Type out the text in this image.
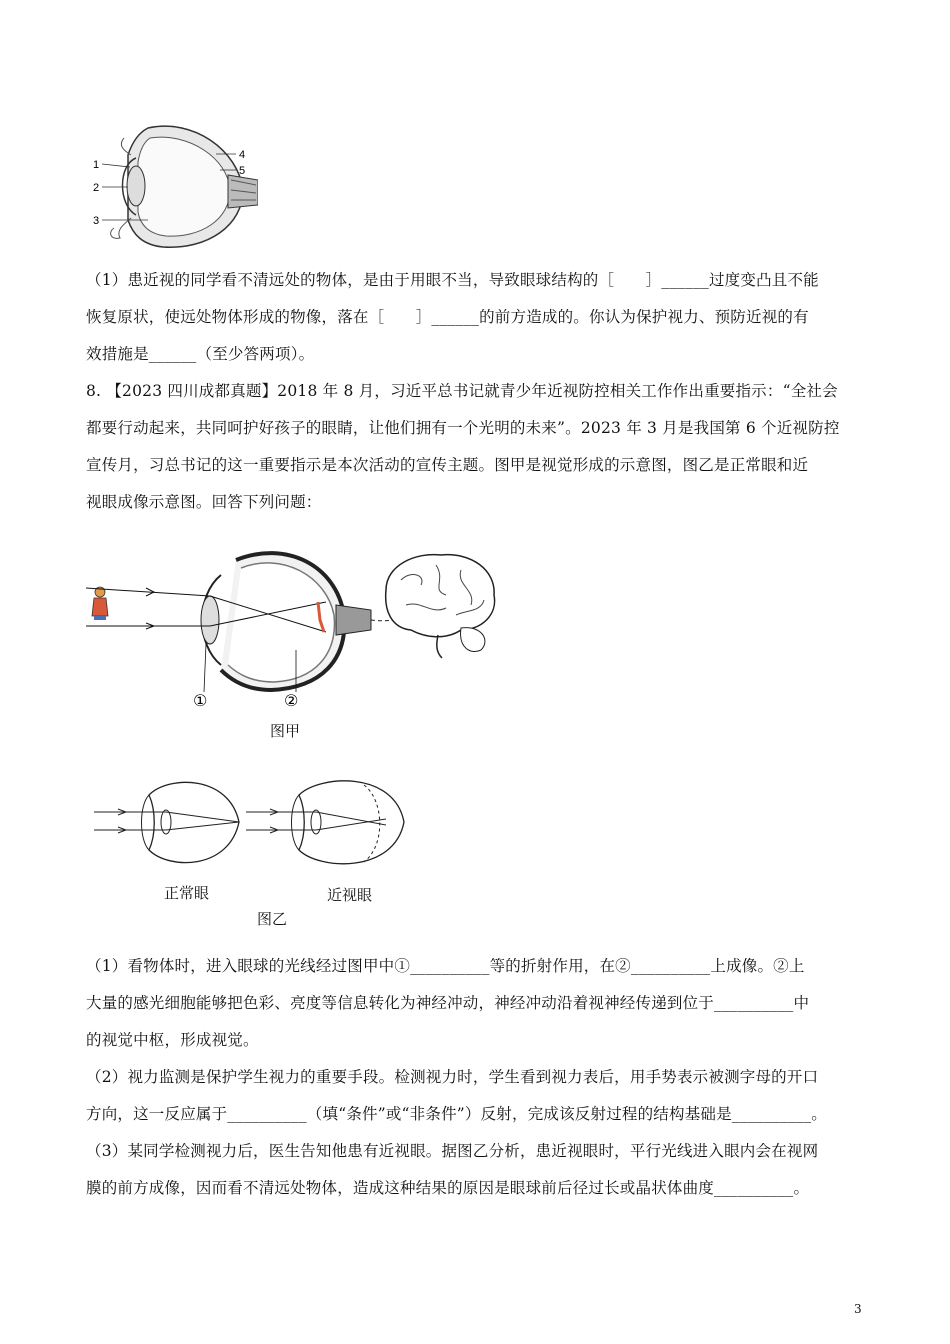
1
2
3
4
5
（1）患近视的同学看不清远处的物体，是由于用眼不当，导致眼球结构的［　　］______过度变凸且不能
恢复原状，使远处物体形成的物像，落在［　　］______的前方造成的。你认为保护视力、预防近视的有
效措施是______（至少答两项）。
8. 【2023 四川成都真题】2018 年 8 月，习近平总书记就青少年近视防控相关工作作出重要指示：“全社会
都要行动起来，共同呵护好孩子的眼睛，让他们拥有一个光明的未来”。2023 年 3 月是我国第 6 个近视防控
宣传月，习总书记的这一重要指示是本次活动的宣传主题。图甲是视觉形成的示意图，图乙是正常眼和近
视眼成像示意图。回答下列问题：
①	②
图甲
正常眼	近视眼
图乙
（1）看物体时，进入眼球的光线经过图甲中①__________等的折射作用，在②__________上成像。②上
大量的感光细胞能够把色彩、亮度等信息转化为神经冲动，神经冲动沿着视神经传递到位于__________中
的视觉中枢，形成视觉。
（2）视力监测是保护学生视力的重要手段。检测视力时，学生看到视力表后，用手势表示被测字母的开口
方向，这一反应属于__________（填“条件”或“非条件”）反射，完成该反射过程的结构基础是__________。
（3）某同学检测视力后，医生告知他患有近视眼。据图乙分析，患近视眼时，平行光线进入眼内会在视网
膜的前方成像，因而看不清远处物体，造成这种结果的原因是眼球前后径过长或晶状体曲度__________。
3
